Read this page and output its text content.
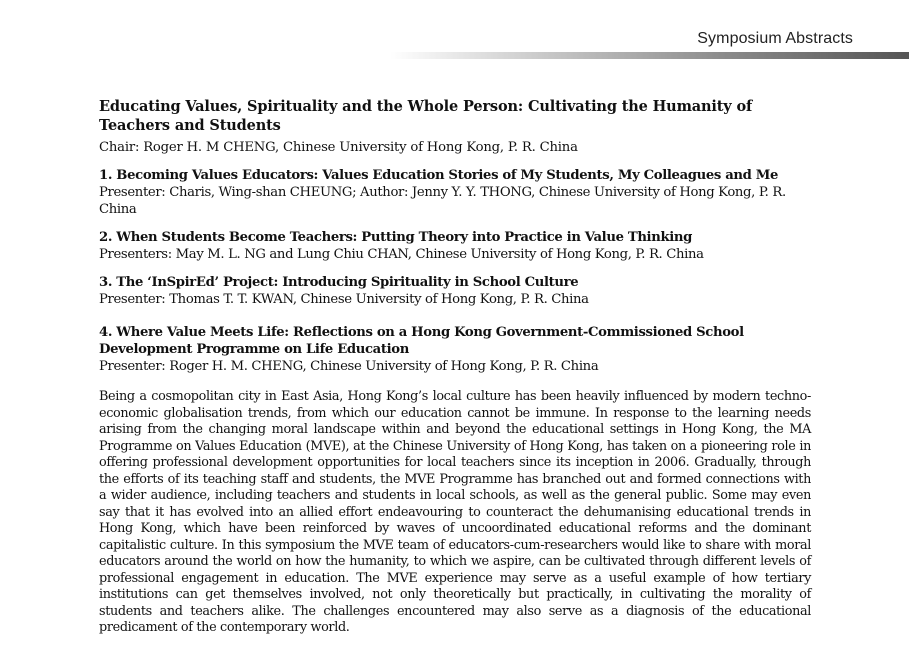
Symposium Abstracts
Educating Values, Spirituality and the Whole Person: Cultivating the Humanity of Teachers and Students

Chair: Roger H. M CHENG, Chinese University of Hong Kong, P. R. China

1. Becoming Values Educators: Values Education Stories of My Students, My Colleagues and Me

Presenter: Charis, Wing-shan CHEUNG; Author: Jenny Y. Y. THONG, Chinese University of Hong Kong, P. R. China

2. When Students Become Teachers: Putting Theory into Practice in Value Thinking

Presenters: May M. L. NG and Lung Chiu CHAN, Chinese University of Hong Kong, P. R. China

3. The ‘InSpirEd’ Project: Introducing Spirituality in School Culture

Presenter: Thomas T. T. KWAN, Chinese University of Hong Kong, P. R. China

4. Where Value Meets Life: Reflections on a Hong Kong Government-Commissioned School Development Programme on Life Education

Presenter: Roger H. M. CHENG, Chinese University of Hong Kong, P. R. China

Being a cosmopolitan city in East Asia, Hong Kong’s local culture has been heavily influenced by modern techno-economic globalisation trends, from which our education cannot be immune. In response to the learning needs arising from the changing moral landscape within and beyond the educational settings in Hong Kong, the MA Programme on Values Education (MVE), at the Chinese University of Hong Kong, has taken on a pioneering role in offering professional development opportunities for local teachers since its inception in 2006. Gradually, through the efforts of its teaching staff and students, the MVE Programme has branched out and formed connections with a wider audience, including teachers and students in local schools, as well as the general public. Some may even say that it has evolved into an allied effort endeavouring to counteract the dehumanising educational trends in Hong Kong, which have been reinforced by waves of uncoordinated educational reforms and the dominant capitalistic culture. In this symposium the MVE team of educators-cum-researchers would like to share with moral educators around the world on how the humanity, to which we aspire, can be cultivated through different levels of professional engagement in education. The MVE experience may serve as a useful example of how tertiary institutions can get themselves involved, not only theoretically but practically, in cultivating the morality of students and teachers alike. The challenges encountered may also serve as a diagnosis of the educational predicament of the contemporary world.
